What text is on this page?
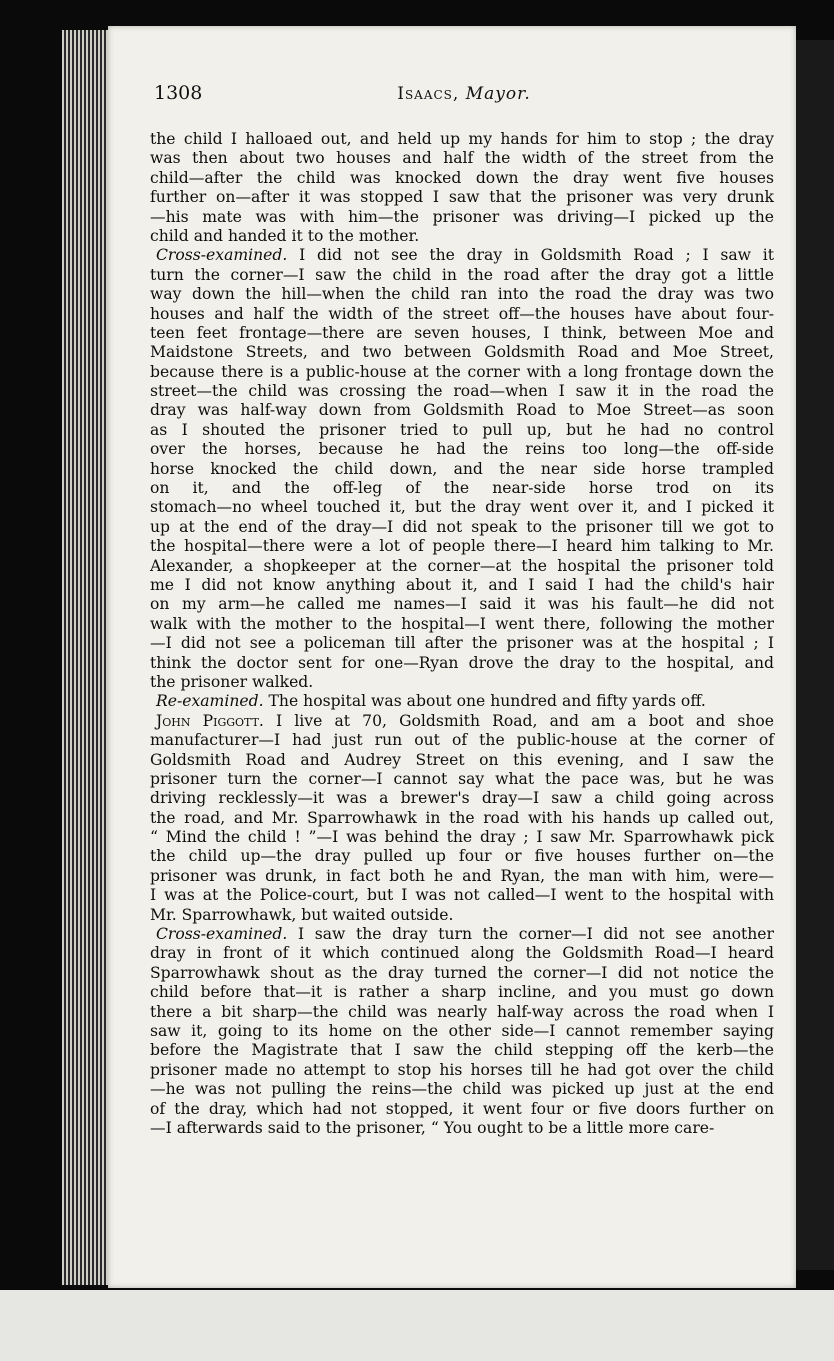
1308	Isaacs, Mayor.
the child I halloaed out, and held up my hands for him to stop ; the dray
was then about two houses and half the width of the street from the
child—after the child was knocked down the dray went five houses
further on—after it was stopped I saw that the prisoner was very drunk
—his mate was with him—the prisoner was driving—I picked up the
child and handed it to the mother.
Cross-examined. I did not see the dray in Goldsmith Road ; I saw it
turn the corner—I saw the child in the road after the dray got a little
way down the hill—when the child ran into the road the dray was two
houses and half the width of the street off—the houses have about four-
teen feet frontage—there are seven houses, I think, between Moe and
Maidstone Streets, and two between Goldsmith Road and Moe Street,
because there is a public-house at the corner with a long frontage down the
street—the child was crossing the road—when I saw it in the road the
dray was half-way down from Goldsmith Road to Moe Street—as soon
as I shouted the prisoner tried to pull up, but he had no control
over the horses, because he had the reins too long—the off-side
horse knocked the child down, and the near side horse trampled
on it, and the off-leg of the near-side horse trod on its
stomach—no wheel touched it, but the dray went over it, and I picked it
up at the end of the dray—I did not speak to the prisoner till we got to
the hospital—there were a lot of people there—I heard him talking to Mr.
Alexander, a shopkeeper at the corner—at the hospital the prisoner told
me I did not know anything about it, and I said I had the child's hair
on my arm—he called me names—I said it was his fault—he did not
walk with the mother to the hospital—I went there, following the mother
—I did not see a policeman till after the prisoner was at the hospital ; I
think the doctor sent for one—Ryan drove the dray to the hospital, and
the prisoner walked.
Re-examined. The hospital was about one hundred and fifty yards off.
John Piggott. I live at 70, Goldsmith Road, and am a boot and shoe
manufacturer—I had just run out of the public-house at the corner of
Goldsmith Road and Audrey Street on this evening, and I saw the
prisoner turn the corner—I cannot say what the pace was, but he was
driving recklessly—it was a brewer's dray—I saw a child going across
the road, and Mr. Sparrowhawk in the road with his hands up called out,
“ Mind the child ! ”—I was behind the dray ; I saw Mr. Sparrowhawk pick
the child up—the dray pulled up four or five houses further on—the
prisoner was drunk, in fact both he and Ryan, the man with him, were—
I was at the Police-court, but I was not called—I went to the hospital with
Mr. Sparrowhawk, but waited outside.
Cross-examined. I saw the dray turn the corner—I did not see another
dray in front of it which continued along the Goldsmith Road—I heard
Sparrowhawk shout as the dray turned the corner—I did not notice the
child before that—it is rather a sharp incline, and you must go down
there a bit sharp—the child was nearly half-way across the road when I
saw it, going to its home on the other side—I cannot remember saying
before the Magistrate that I saw the child stepping off the kerb—the
prisoner made no attempt to stop his horses till he had got over the child
—he was not pulling the reins—the child was picked up just at the end
of the dray, which had not stopped, it went four or five doors further on
—I afterwards said to the prisoner, “ You ought to be a little more care-
